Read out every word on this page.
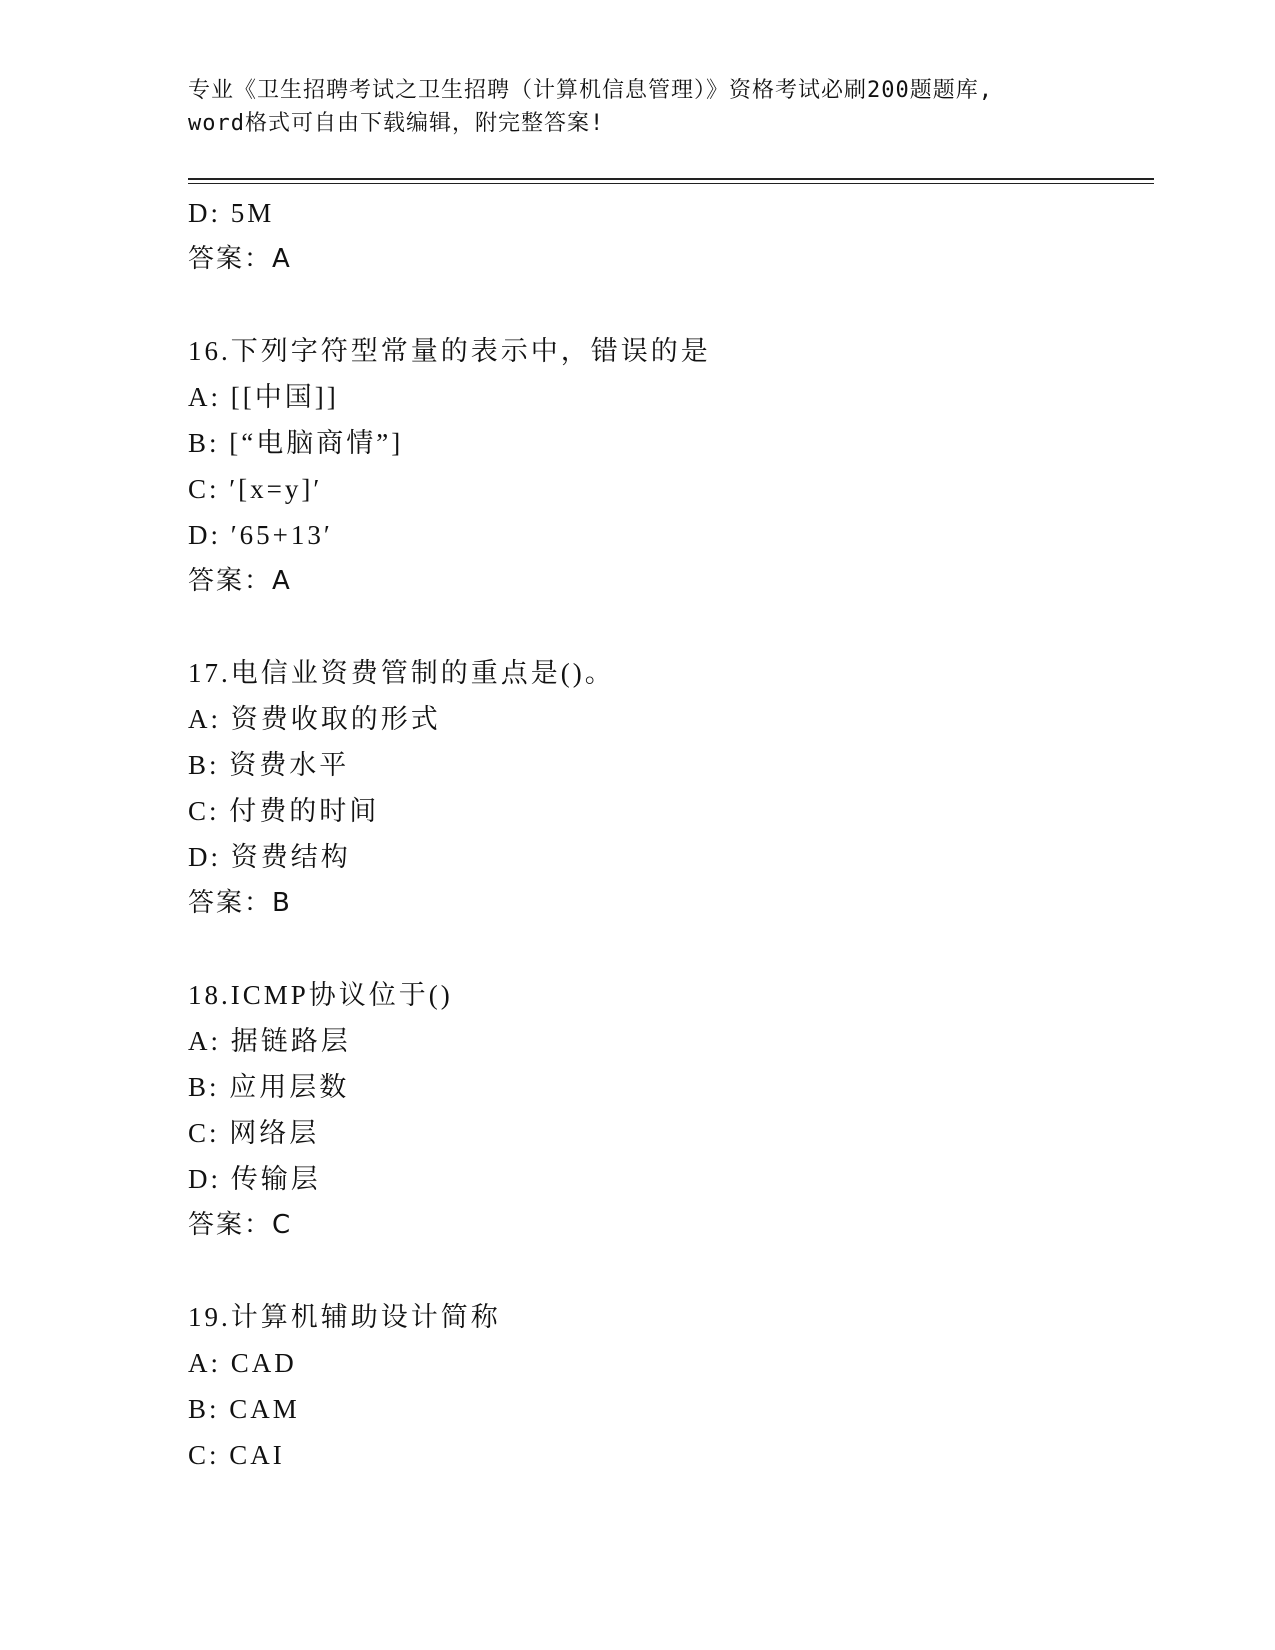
专业《卫生招聘考试之卫生招聘（计算机信息管理）》资格考试必刷200题题库,
word格式可自由下载编辑，附完整答案!
D: 5M
答案：A
16.下列字符型常量的表示中，错误的是
A: [[中国]]
B: [“电脑商情”]
C: ′[x=y]′
D: ′65+13′
答案：A
17.电信业资费管制的重点是()。
A: 资费收取的形式
B: 资费水平
C: 付费的时间
D: 资费结构
答案：B
18.ICMP协议位于()
A: 据链路层
B: 应用层数
C: 网络层
D: 传输层
答案：C
19.计算机辅助设计简称
A: CAD
B: CAM
C: CAI
